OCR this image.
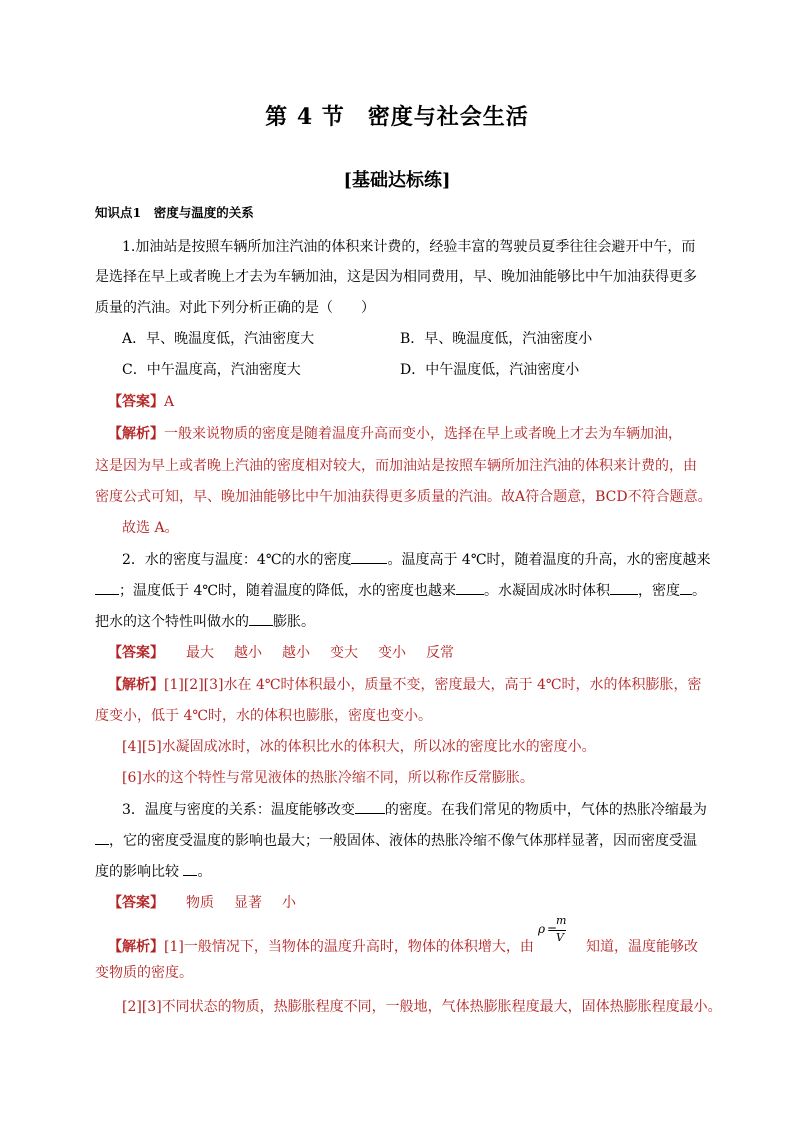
第 4 节　密度与社会生活
[基础达标练]
知识点1　密度与温度的关系
1.加油站是按照车辆所加注汽油的体积来计费的，经验丰富的驾驶员夏季往往会避开中午，而
是选择在早上或者晚上才去为车辆加油，这是因为相同费用，早、晚加油能够比中午加油获得更多
质量的汽油。对此下列分析正确的是（　　）
A．早、晚温度低，汽油密度大	B．早、晚温度低，汽油密度小
C．中午温度高，汽油密度大	D．中午温度低，汽油密度小
【答案】A
【解析】一般来说物质的密度是随着温度升高而变小，选择在早上或者晚上才去为车辆加油，
这是因为早上或者晚上汽油的密度相对较大，而加油站是按照车辆所加注汽油的体积来计费的，由
密度公式可知，早、晚加油能够比中午加油获得更多质量的汽油。故A符合题意，BCD不符合题意。
故选 A。
2．水的密度与温度：4℃的水的密度	。温度高于 4℃时，随着温度的升高，水的密度越来
；温度低于 4℃时，随着温度的降低，水的密度也越来 。水凝固成冰时体积 ，密度 。
把水的这个特性叫做水的 膨胀。
【答案】 最大 越小 越小 变大 变小 反常
【解析】[1][2][3]水在 4℃时体积最小，质量不变，密度最大，高于 4℃时，水的体积膨胀，密
度变小，低于 4℃时，水的体积也膨胀，密度也变小。
[4][5]水凝固成冰时，冰的体积比水的体积大，所以冰的密度比水的密度小。
[6]水的这个特性与常见液体的热胀冷缩不同，所以称作反常膨胀。
3．温度与密度的关系：温度能够改变 的密度。在我们常见的物质中，气体的热胀冷缩最为
，它的密度受温度的影响也最大；一般固体、液体的热胀冷缩不像气体那样显著，因而密度受温
度的影响比较 。
【答案】 物质 显著 小
【解析】[1]一般情况下，当物体的温度升高时，物体的体积增大，由
ρ =
m
V
知道，温度能够改
变物质的密度。
[2][3]不同状态的物质，热膨胀程度不同，一般地，气体热膨胀程度最大，固体热膨胀程度最小。
